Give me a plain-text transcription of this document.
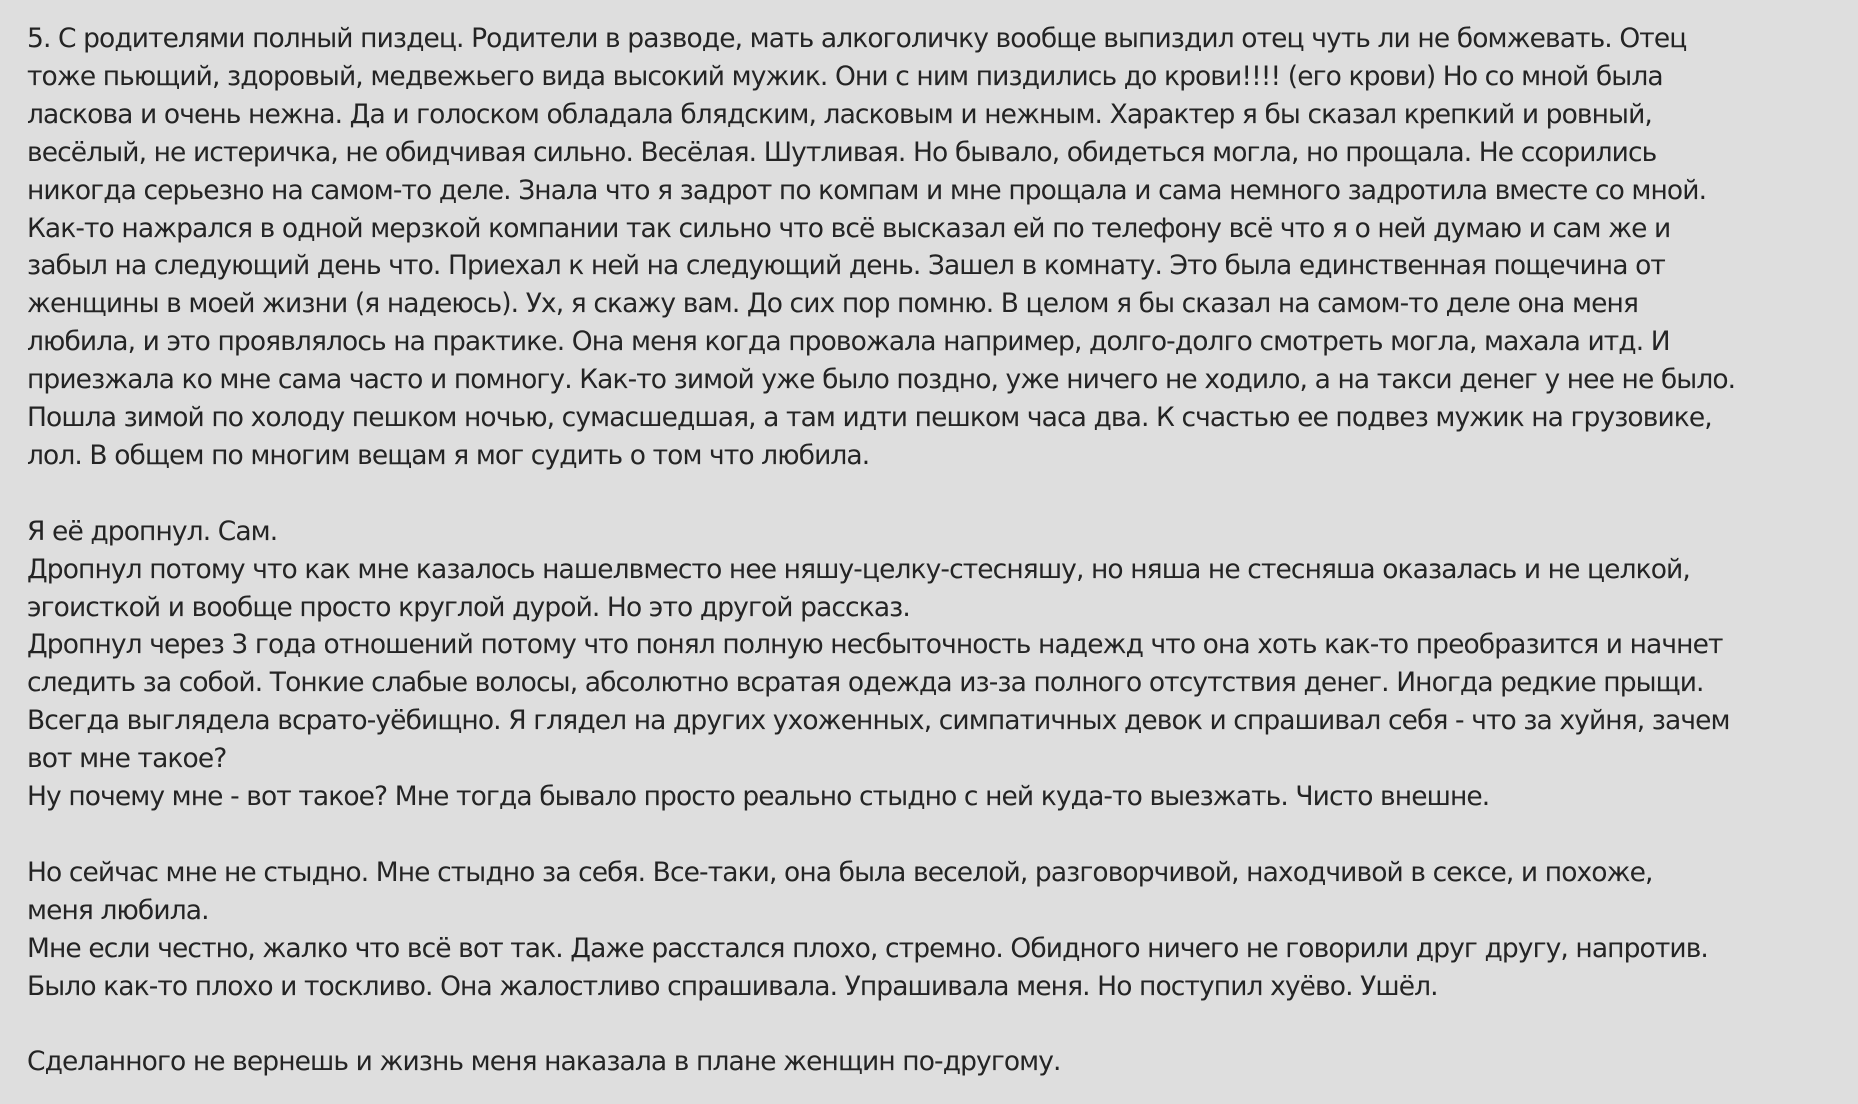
5. С родителями полный пиздец. Родители в разводе, мать алкоголичку вообще выпиздил отец чуть ли не бомжевать. Отец
тоже пьющий, здоровый, медвежьего вида высокий мужик. Они с ним пиздились до крови!!!! (его крови) Но со мной была
ласкова и очень нежна. Да и голоском обладала блядским, ласковым и нежным. Характер я бы сказал крепкий и ровный,
весёлый, не истеричка, не обидчивая сильно. Весёлая. Шутливая. Но бывало, обидеться могла, но прощала. Не ссорились
никогда серьезно на самом-то деле. Знала что я задрот по компам и мне прощала и сама немного задротила вместе со мной.
Как-то нажрался в одной мерзкой компании так сильно что всё высказал ей по телефону всё что я о ней думаю и сам же и
забыл на следующий день что. Приехал к ней на следующий день. Зашел в комнату. Это была единственная пощечина от
женщины в моей жизни (я надеюсь). Ух, я скажу вам. До сих пор помню. В целом я бы сказал на самом-то деле она меня
любила, и это проявлялось на практике. Она меня когда провожала например, долго-долго смотреть могла, махала итд. И
приезжала ко мне сама часто и помногу. Как-то зимой уже было поздно, уже ничего не ходило, а на такси денег у нее не было.
Пошла зимой по холоду пешком ночью, сумасшедшая, а там идти пешком часа два. К счастью ее подвез мужик на грузовике,
лол. В общем по многим вещам я мог судить о том что любила.

Я её дропнул. Сам.
Дропнул потому что как мне казалось нашелвместо нее няшу-целку-стесняшу, но няша не стесняша оказалась и не целкой,
эгоисткой и вообще просто круглой дурой. Но это другой рассказ.
Дропнул через 3 года отношений потому что понял полную несбыточность надежд что она хоть как-то преобразится и начнет
следить за собой. Тонкие слабые волосы, абсолютно всратая одежда из-за полного отсутствия денег. Иногда редкие прыщи.
Всегда выглядела всрато-уёбищно. Я глядел на других ухоженных, симпатичных девок и спрашивал себя - что за хуйня, зачем
вот мне такое?
Ну почему мне - вот такое? Мне тогда бывало просто реально стыдно с ней куда-то выезжать. Чисто внешне.

Но сейчас мне не стыдно. Мне стыдно за себя. Все-таки, она была веселой, разговорчивой, находчивой в сексе, и похоже,
меня любила.
Мне если честно, жалко что всё вот так. Даже расстался плохо, стремно. Обидного ничего не говорили друг другу, напротив.
Было как-то плохо и тоскливо. Она жалостливо спрашивала. Упрашивала меня. Но поступил хуёво. Ушёл.

Сделанного не вернешь и жизнь меня наказала в плане женщин по-другому.
